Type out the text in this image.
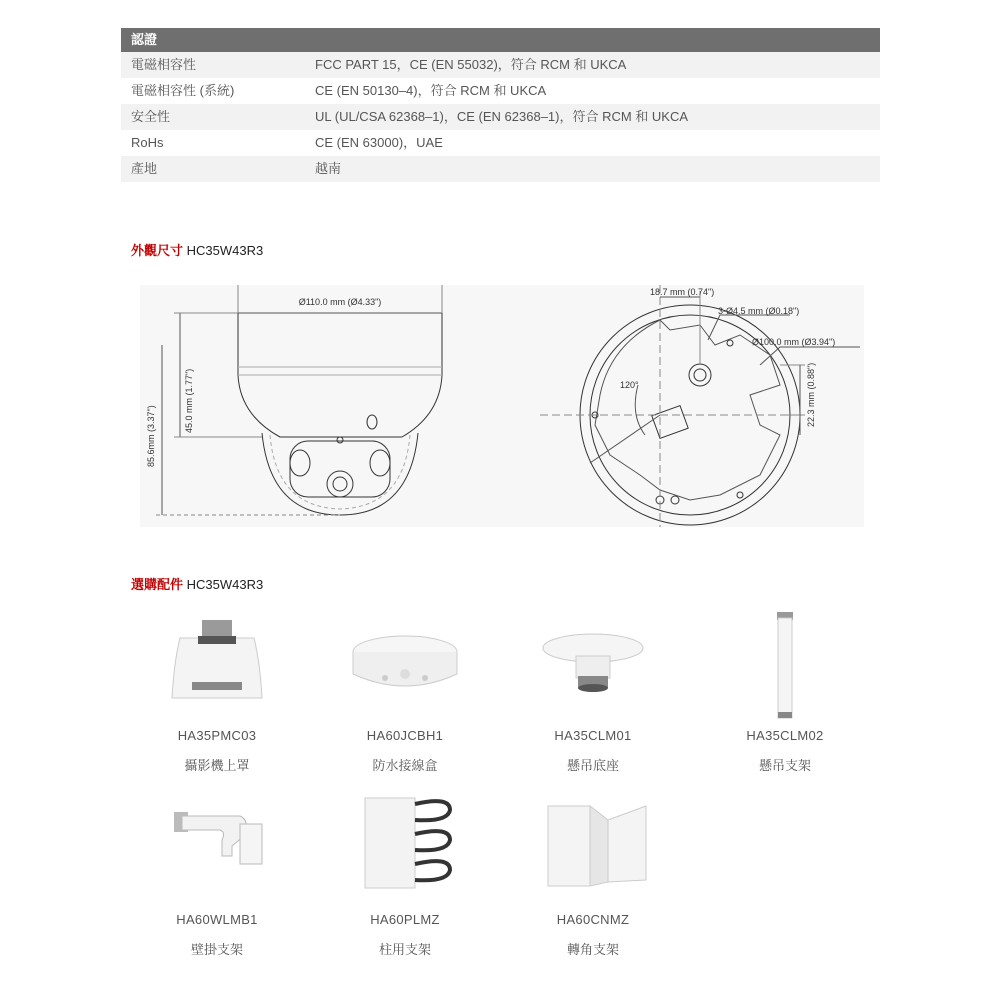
認證
電磁相容性	FCC PART 15，CE (EN 55032)，符合 RCM 和 UKCA
電磁相容性 (系統)	CE (EN 50130–4)，符合 RCM 和 UKCA
安全性	UL (UL/CSA 62368–1)，CE (EN 62368–1)，符合 RCM 和 UKCA
RoHs	CE (EN 63000)，UAE
產地	越南
外觀尺寸 HC35W43R3
Ø110.0 mm (Ø4.33")
45.0 mm (1.77")
85.6mm (3.37")
18.7 mm (0.74")
3-Ø4.5 mm (Ø0.18")
Ø100.0 mm (Ø3.94")
22.3 mm (0.88")
120°
選購配件 HC35W43R3
HA35PMC03
攝影機上罩
HA60JCBH1
防水接線盒
HA35CLM01
懸吊底座
HA35CLM02
懸吊支架
HA60WLMB1
壁掛支架
HA60PLMZ
柱用支架
HA60CNMZ
轉角支架
